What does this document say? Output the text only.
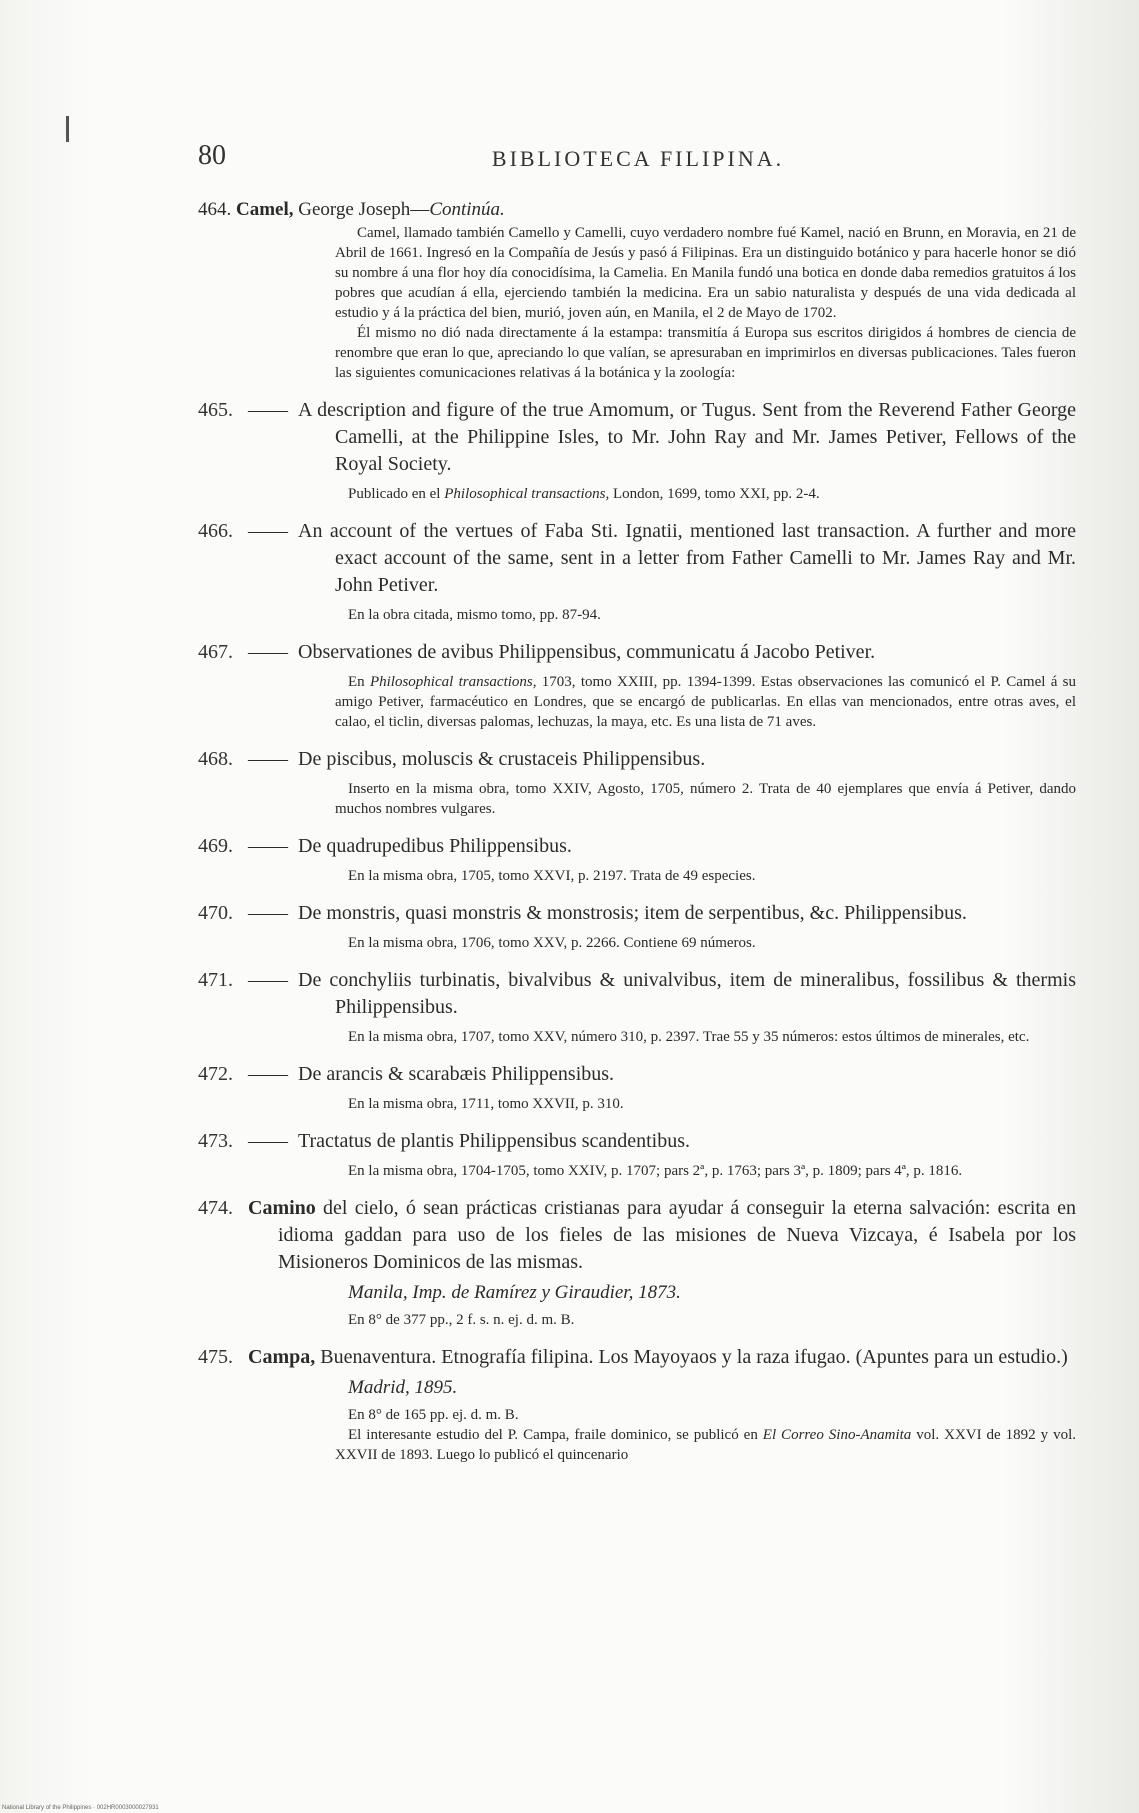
80	BIBLIOTECA FILIPINA.
464. Camel, George Joseph—Continúa.
Camel, llamado también Camello y Camelli, cuyo verdadero nombre fué Kamel, nació en Brunn, en Moravia, en 21 de Abril de 1661. Ingresó en la Compañía de Jesús y pasó á Filipinas. Era un distinguido botánico y para hacerle honor se dió su nombre á una flor hoy día conocidísima, la Camelia. En Manila fundó una botica en donde daba remedios gratuitos á los pobres que acudían á ella, ejerciendo también la medicina. Era un sabio naturalista y después de una vida dedicada al estudio y á la práctica del bien, murió, joven aún, en Manila, el 2 de Mayo de 1702.
Él mismo no dió nada directamente á la estampa: transmitía á Europa sus escritos dirigidos á hombres de ciencia de renombre que eran lo que, apreciando lo que valían, se apresuraban en imprimirlos en diversas publicaciones. Tales fueron las siguientes comunicaciones relativas á la botánica y la zoología:
465. —— A description and figure of the true Amomum, or Tugus. Sent from the Reverend Father George Camelli, at the Philippine Isles, to Mr. John Ray and Mr. James Petiver, Fellows of the Royal Society.
Publicado en el Philosophical transactions, London, 1699, tomo XXI, pp. 2-4.
466. —— An account of the vertues of Faba Sti. Ignatii, mentioned last transaction. A further and more exact account of the same, sent in a letter from Father Camelli to Mr. James Ray and Mr. John Petiver.
En la obra citada, mismo tomo, pp. 87-94.
467. —— Observationes de avibus Philippensibus, communicatu á Jacobo Petiver.
En Philosophical transactions, 1703, tomo XXIII, pp. 1394-1399. Estas observaciones las comunicó el P. Camel á su amigo Petiver, farmacéutico en Londres, que se encargó de publicarlas. En ellas van mencionados, entre otras aves, el calao, el ticlin, diversas palomas, lechuzas, la maya, etc. Es una lista de 71 aves.
468. —— De piscibus, moluscis & crustaceis Philippensibus.
Inserto en la misma obra, tomo XXIV, Agosto, 1705, número 2. Trata de 40 ejemplares que envía á Petiver, dando muchos nombres vulgares.
469. —— De quadrupedibus Philippensibus.
En la misma obra, 1705, tomo XXVI, p. 2197. Trata de 49 especies.
470. —— De monstris, quasi monstris & monstrosis; item de serpentibus, &c. Philippensibus.
En la misma obra, 1706, tomo XXV, p. 2266. Contiene 69 números.
471. —— De conchyliis turbinatis, bivalvibus & univalvibus, item de mineralibus, fossilibus & thermis Philippensibus.
En la misma obra, 1707, tomo XXV, número 310, p. 2397. Trae 55 y 35 números: estos últimos de minerales, etc.
472. —— De arancis & scarabæis Philippensibus.
En la misma obra, 1711, tomo XXVII, p. 310.
473. —— Tractatus de plantis Philippensibus scandentibus.
En la misma obra, 1704-1705, tomo XXIV, p. 1707; pars 2ª, p. 1763; pars 3ª, p. 1809; pars 4ª, p. 1816.
474. Camino del cielo, ó sean prácticas cristianas para ayudar á conseguir la eterna salvación: escrita en idioma gaddan para uso de los fieles de las misiones de Nueva Vizcaya, é Isabela por los Misioneros Dominicos de las mismas.
Manila, Imp. de Ramírez y Giraudier, 1873.
En 8° de 377 pp., 2 f. s. n. ej. d. m. B.
475. Campa, Buenaventura. Etnografía filipina. Los Mayoyaos y la raza ifugao. (Apuntes para un estudio.)
Madrid, 1895.
En 8° de 165 pp. ej. d. m. B.
El interesante estudio del P. Campa, fraile dominico, se publicó en El Correo Sino-Anamita vol. XXVI de 1892 y vol. XXVII de 1893. Luego lo publicó el quincenario
National Library of the Philippines · 002HR0003000027931
